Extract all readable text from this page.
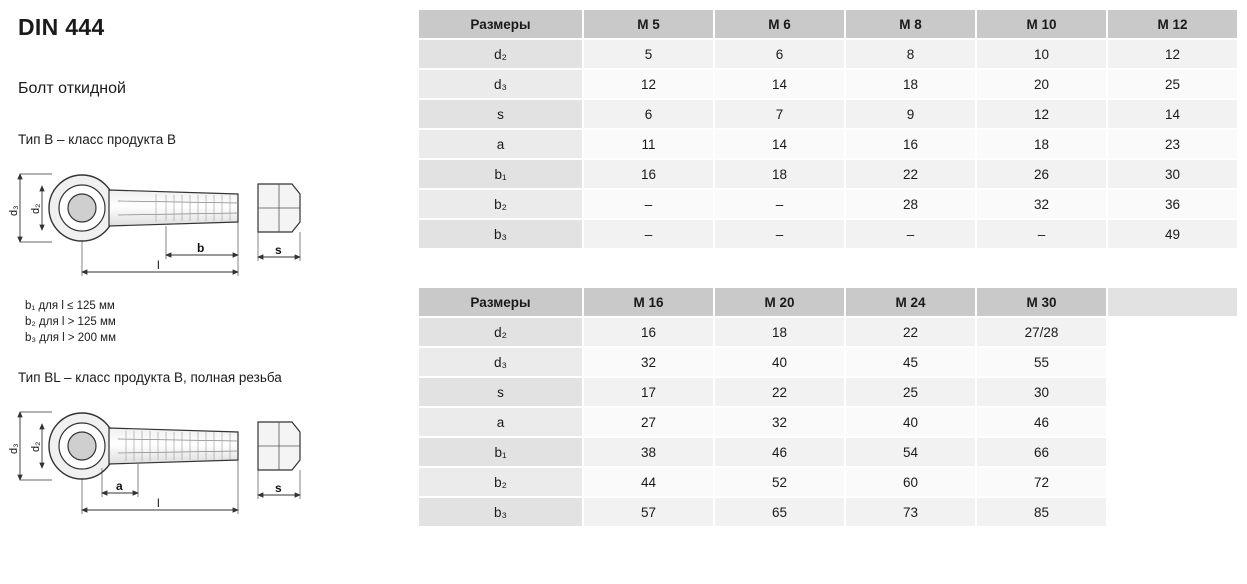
DIN 444
Болт откидной
Тип B – класс продукта B
d₃ d₂
b
l
s
b₁ для l ≤ 125 мм
b₂ для l > 125 мм
b₃ для l > 200 мм
Тип BL – класс продукта B, полная резьба
d₃ d₂
a
l
s
Размеры	M 5	M 6	M 8	M 10	M 12
d₂	5	6	8	10	12
d₃	12	14	18	20	25
s	6	7	9	12	14
a	11	14	16	18	23
b₁	16	18	22	26	30
b₂	–	–	28	32	36
b₃	–	–	–	–	49
Размеры	M 16	M 20	M 24	M 30	
d₂	16	18	22	27/28	
d₃	32	40	45	55	
s	17	22	25	30	
a	27	32	40	46	
b₁	38	46	54	66	
b₂	44	52	60	72	
b₃	57	65	73	85	
